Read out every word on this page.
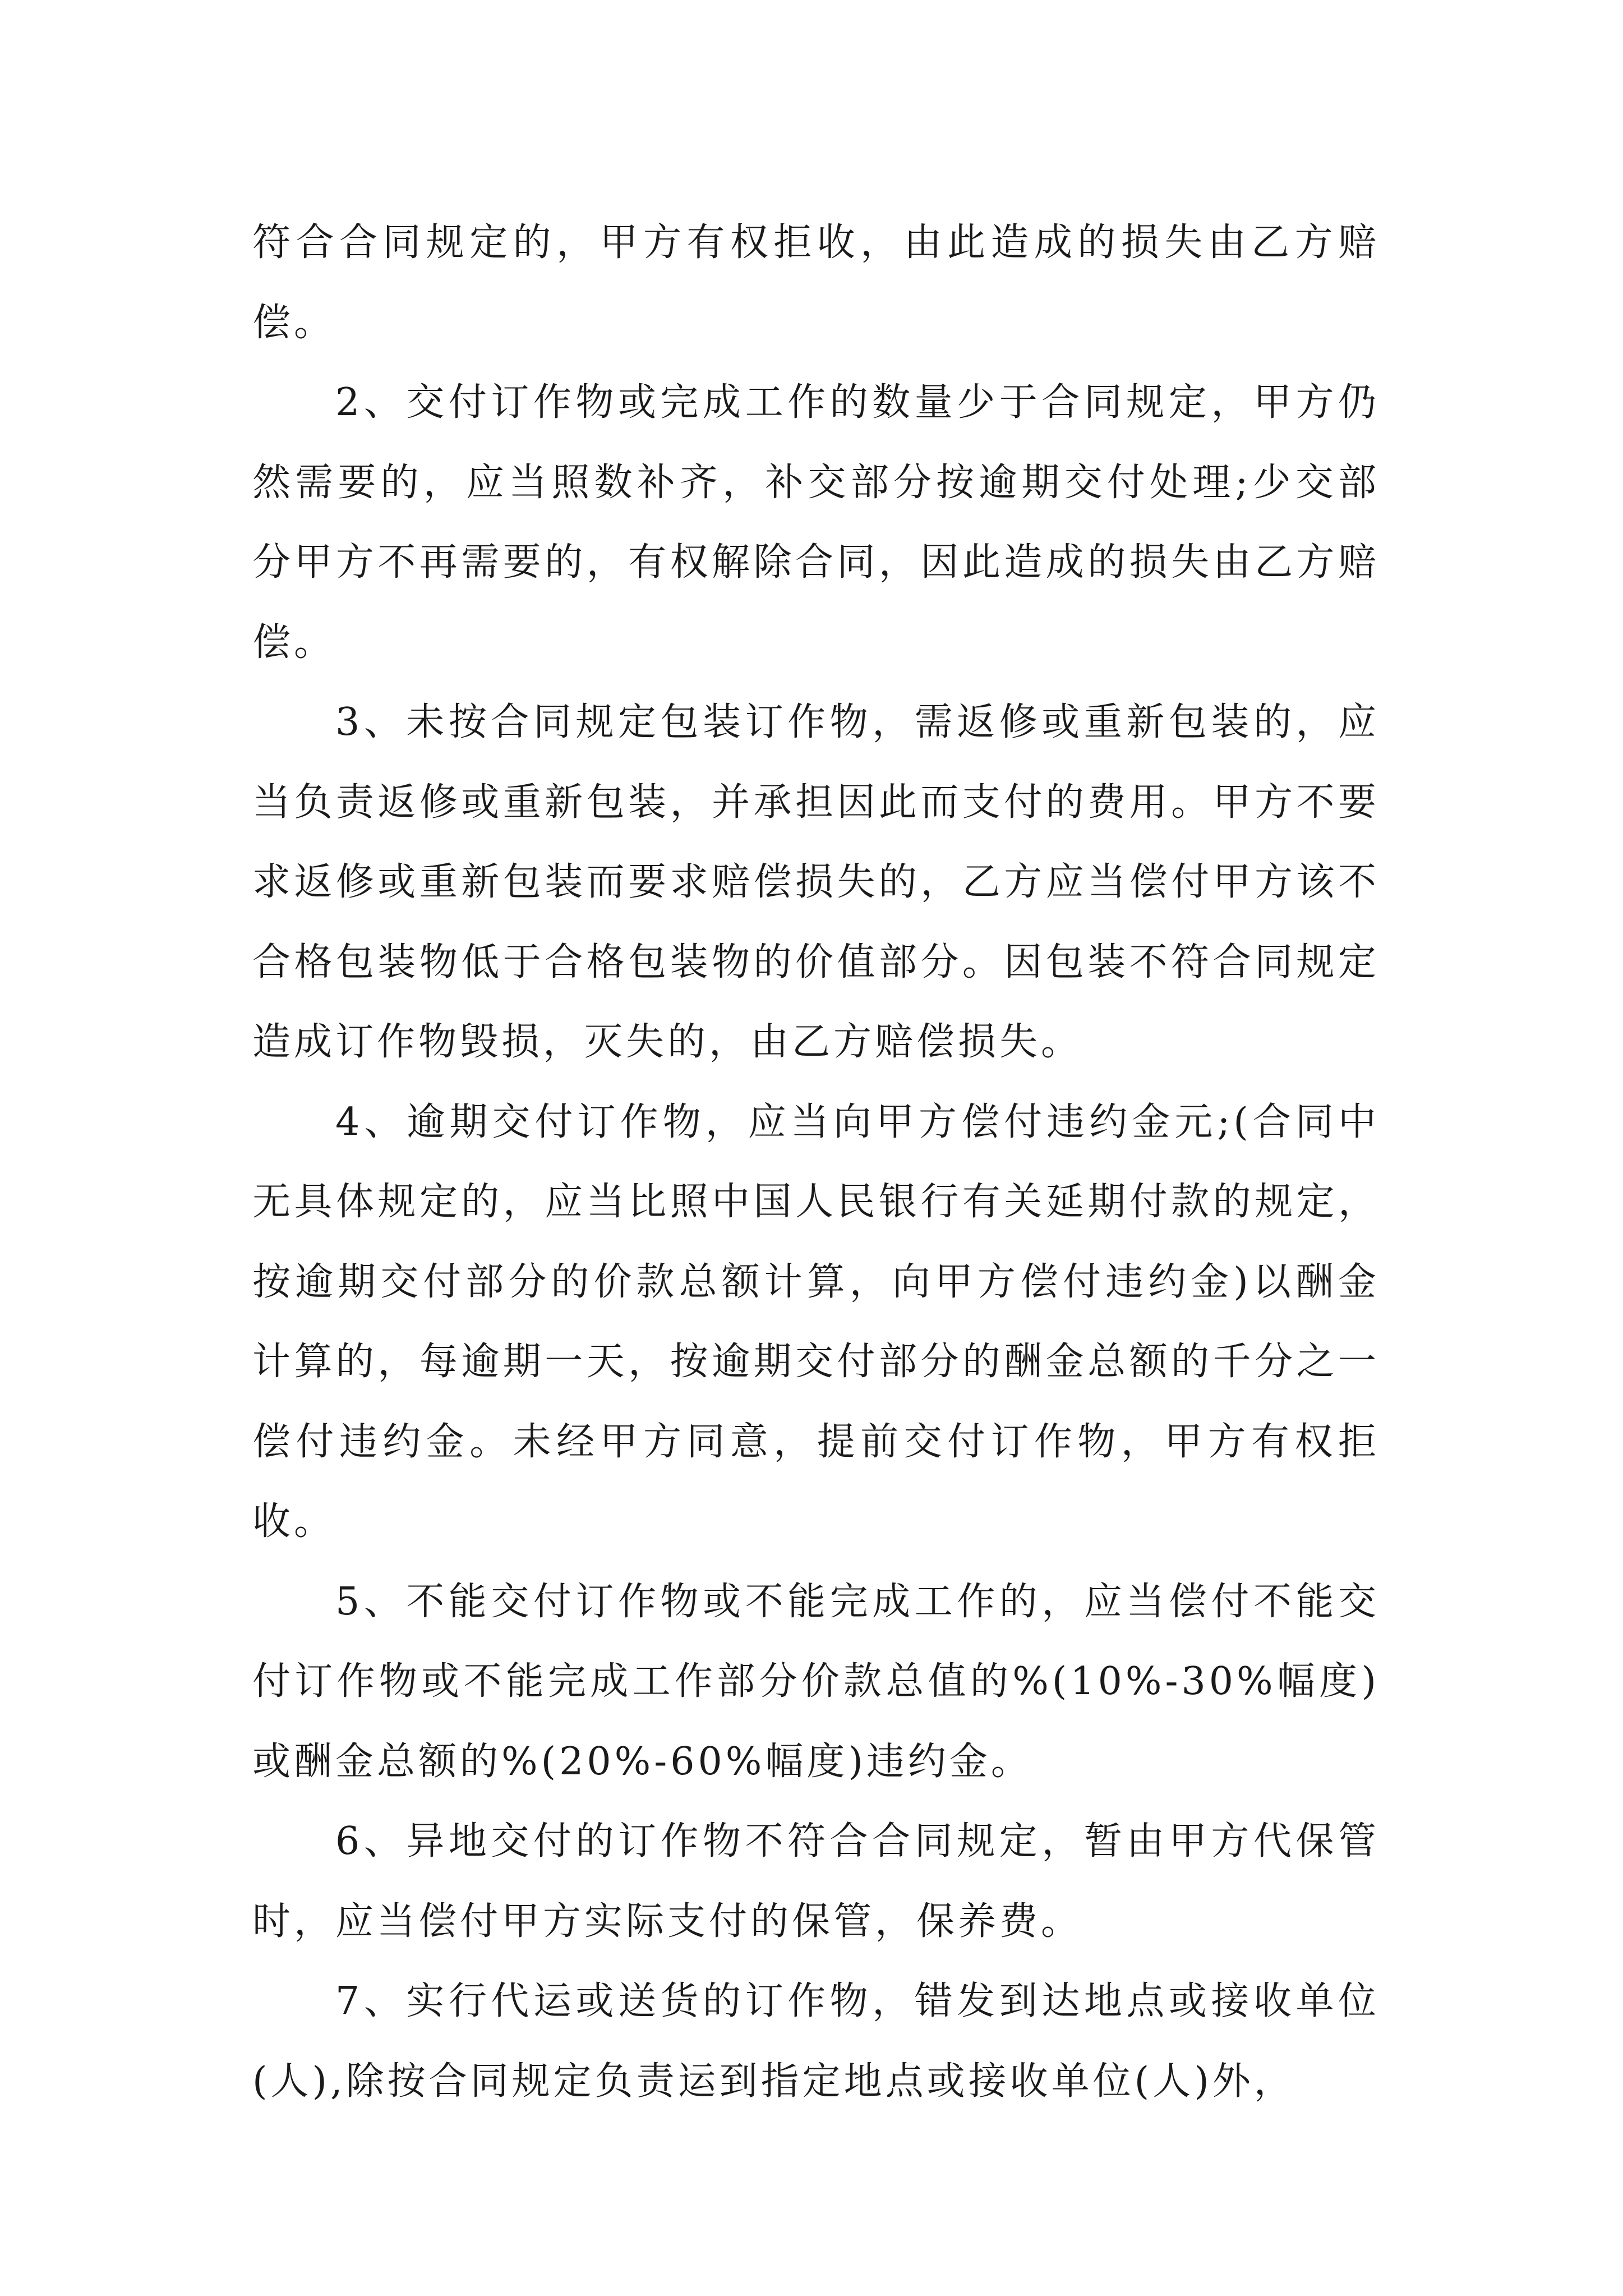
符合合同规定的，甲方有权拒收，由此造成的损失由乙方赔偿。

2、交付订作物或完成工作的数量少于合同规定，甲方仍然需要的，应当照数补齐，补交部分按逾期交付处理;少交部分甲方不再需要的，有权解除合同，因此造成的损失由乙方赔偿。

3、未按合同规定包装订作物，需返修或重新包装的，应当负责返修或重新包装，并承担因此而支付的费用。甲方不要求返修或重新包装而要求赔偿损失的，乙方应当偿付甲方该不合格包装物低于合格包装物的价值部分。因包装不符合同规定造成订作物毁损，灭失的，由乙方赔偿损失。

4、逾期交付订作物，应当向甲方偿付违约金元;(合同中无具体规定的，应当比照中国人民银行有关延期付款的规定，按逾期交付部分的价款总额计算，向甲方偿付违约金)以酬金计算的，每逾期一天，按逾期交付部分的酬金总额的千分之一偿付违约金。未经甲方同意，提前交付订作物，甲方有权拒收。

5、不能交付订作物或不能完成工作的，应当偿付不能交付订作物或不能完成工作部分价款总值的%(10%-30%幅度)或酬金总额的%(20%-60%幅度)违约金。

6、异地交付的订作物不符合合同规定，暂由甲方代保管时，应当偿付甲方实际支付的保管，保养费。

7、实行代运或送货的订作物，错发到达地点或接收单位(人),除按合同规定负责运到指定地点或接收单位(人)外，
